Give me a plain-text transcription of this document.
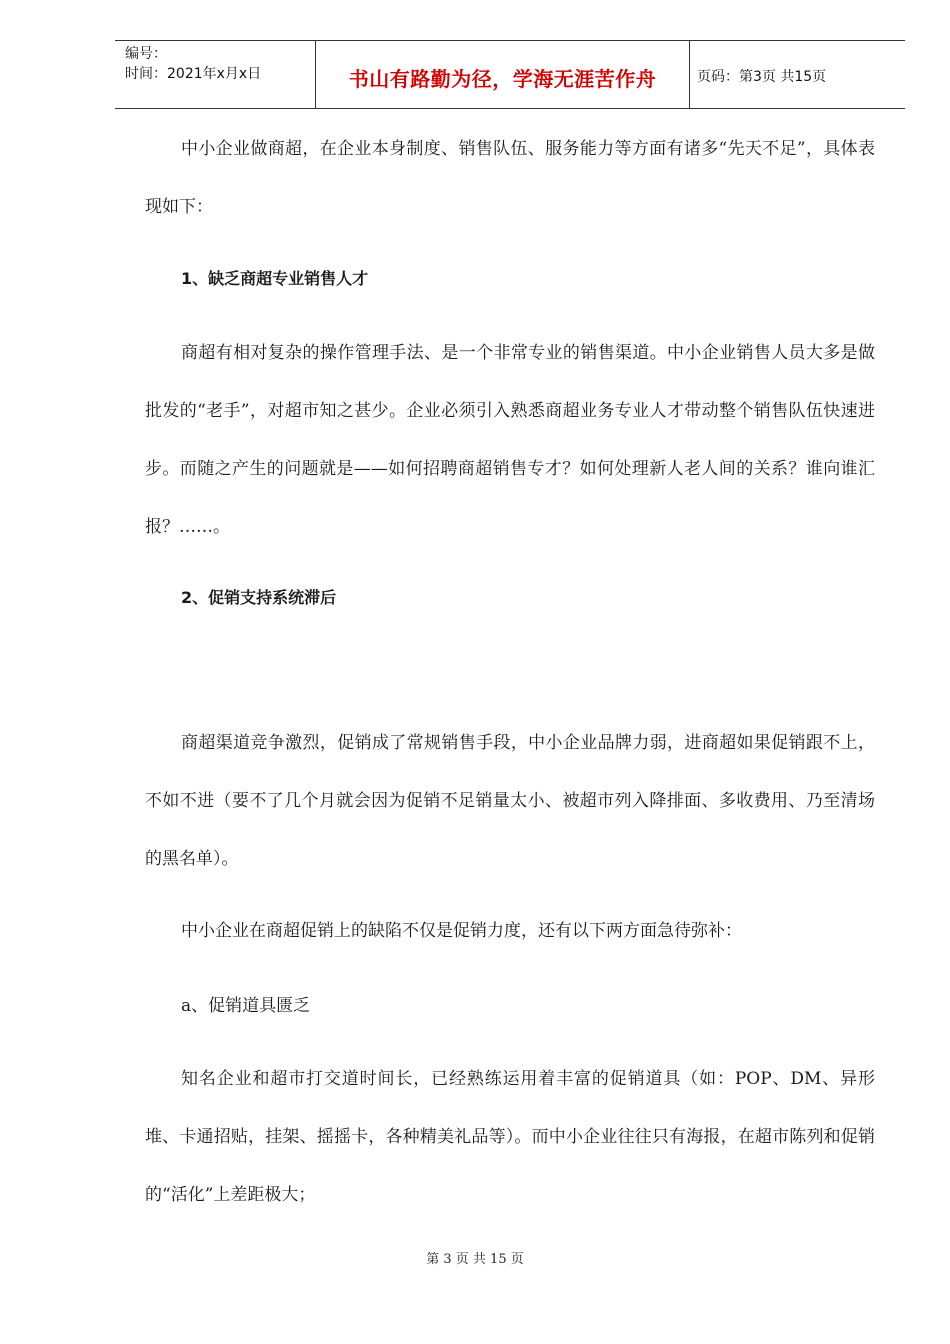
编号：
时间：2021年x月x日	书山有路勤为径，学海无涯苦作舟	页码：第3页 共15页

中小企业做商超，在企业本身制度、销售队伍、服务能力等方面有诸多“先天不足”，具体表现如下：

1、缺乏商超专业销售人才

商超有相对复杂的操作管理手法、是一个非常专业的销售渠道。中小企业销售人员大多是做批发的“老手”，对超市知之甚少。企业必须引入熟悉商超业务专业人才带动整个销售队伍快速进步。而随之产生的问题就是——如何招聘商超销售专才？如何处理新人老人间的关系？谁向谁汇报？……。

2、促销支持系统滞后

商超渠道竞争激烈，促销成了常规销售手段，中小企业品牌力弱，进商超如果促销跟不上，不如不进（要不了几个月就会因为促销不足销量太小、被超市列入降排面、多收费用、乃至清场的黑名单）。

中小企业在商超促销上的缺陷不仅是促销力度，还有以下两方面急待弥补：

a、促销道具匮乏

知名企业和超市打交道时间长，已经熟练运用着丰富的促销道具（如：POP、DM、异形堆、卡通招贴，挂架、摇摇卡，各种精美礼品等）。而中小企业往往只有海报，在超市陈列和促销的“活化”上差距极大；

第 3 页 共 15 页
